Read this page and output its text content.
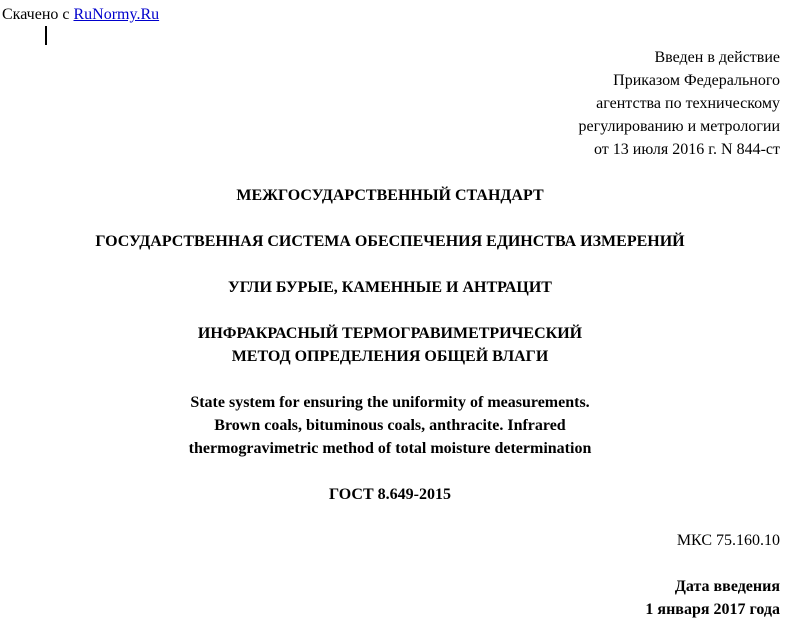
Скачено с RuNormy.Ru
Введен в действие
Приказом Федерального
агентства по техническому
регулированию и метрологии
от 13 июля 2016 г. N 844-ст
МЕЖГОСУДАРСТВЕННЫЙ СТАНДАРТ
ГОСУДАРСТВЕННАЯ СИСТЕМА ОБЕСПЕЧЕНИЯ ЕДИНСТВА ИЗМЕРЕНИЙ
УГЛИ БУРЫЕ, КАМЕННЫЕ И АНТРАЦИТ
ИНФРАКРАСНЫЙ ТЕРМОГРАВИМЕТРИЧЕСКИЙ
МЕТОД ОПРЕДЕЛЕНИЯ ОБЩЕЙ ВЛАГИ
State system for ensuring the uniformity of measurements.
Brown coals, bituminous coals, anthracite. Infrared
thermogravimetric method of total moisture determination
ГОСТ 8.649-2015
МКС 75.160.10
Дата введения
1 января 2017 года
